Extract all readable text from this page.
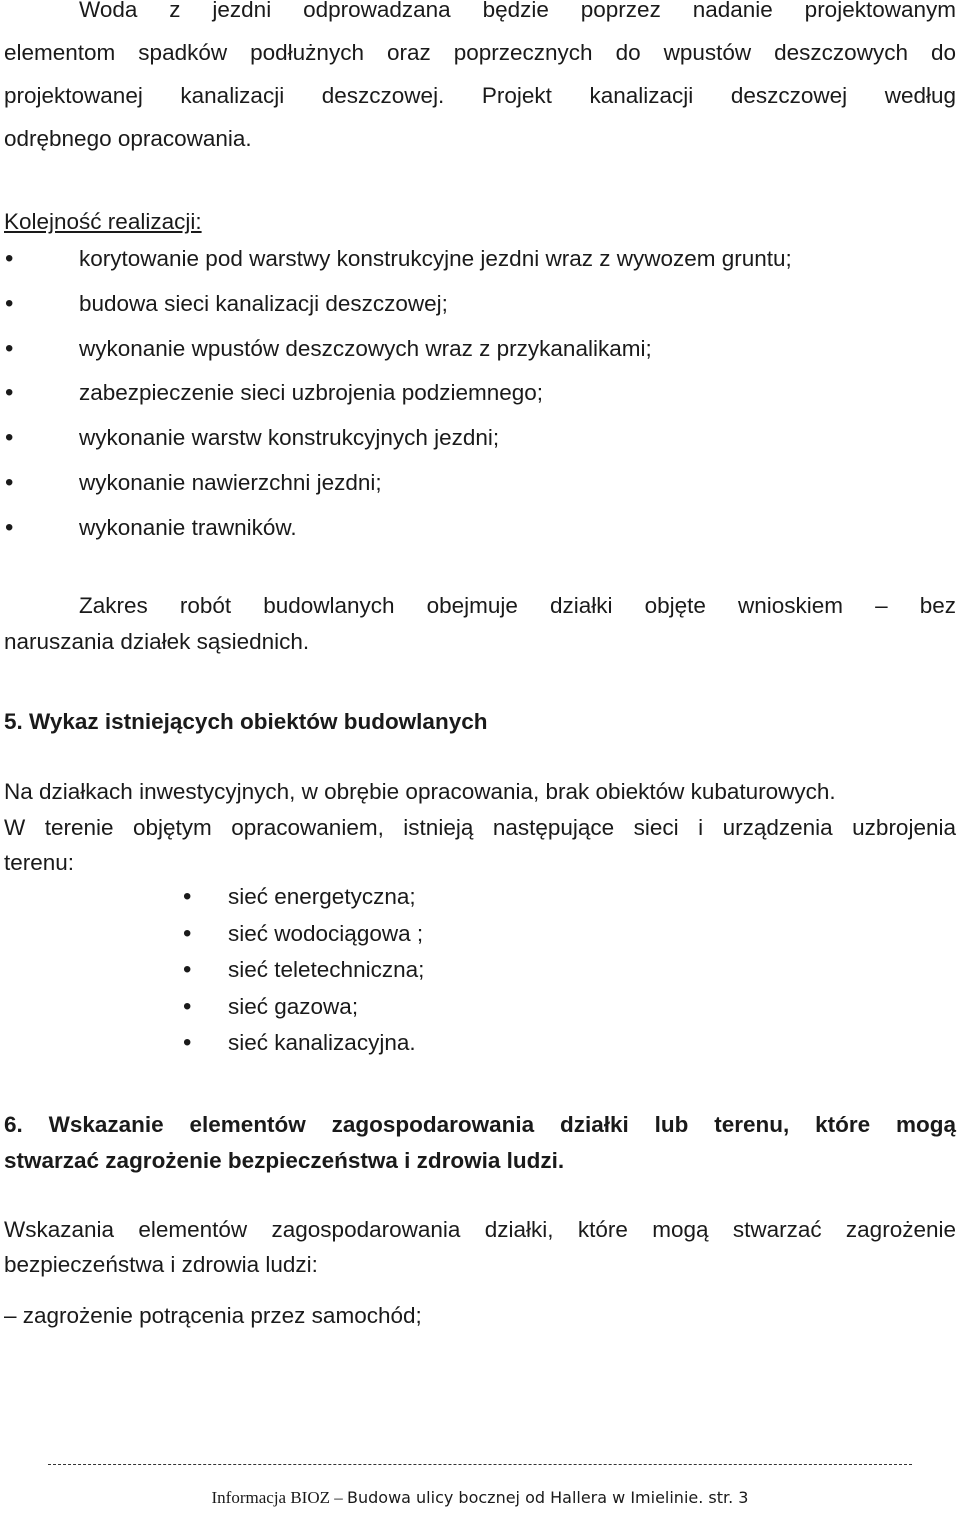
Woda z jezdni odprowadzana będzie poprzez nadanie projektowanym
elementom spadków podłużnych oraz poprzecznych do wpustów deszczowych do
projektowanej kanalizacji deszczowej. Projekt kanalizacji deszczowej według
odrębnego opracowania.
Kolejność realizacji:
•	korytowanie pod warstwy konstrukcyjne jezdni wraz z wywozem gruntu;
•	budowa sieci kanalizacji deszczowej;
•	wykonanie wpustów deszczowych wraz z przykanalikami;
•	zabezpieczenie sieci uzbrojenia podziemnego;
•	wykonanie warstw konstrukcyjnych jezdni;
•	wykonanie nawierzchni jezdni;
•	wykonanie trawników.
Zakres robót budowlanych obejmuje działki objęte wnioskiem – bez
naruszania działek sąsiednich.
5. Wykaz istniejących obiektów budowlanych
Na działkach inwestycyjnych, w obrębie opracowania, brak obiektów kubaturowych.
W terenie objętym opracowaniem, istnieją następujące sieci i urządzenia uzbrojenia
terenu:
• sieć energetyczna;
• sieć wodociągowa ;
• sieć teletechniczna;
• sieć gazowa;
• sieć kanalizacyjna.
6. Wskazanie elementów zagospodarowania działki lub terenu, które mogą
stwarzać zagrożenie bezpieczeństwa i zdrowia ludzi.
Wskazania elementów zagospodarowania działki, które mogą stwarzać zagrożenie
bezpieczeństwa i zdrowia ludzi:
– zagrożenie potrącenia przez samochód;
Informacja BIOZ – Budowa ulicy bocznej od Hallera w Imielinie. str. 3
